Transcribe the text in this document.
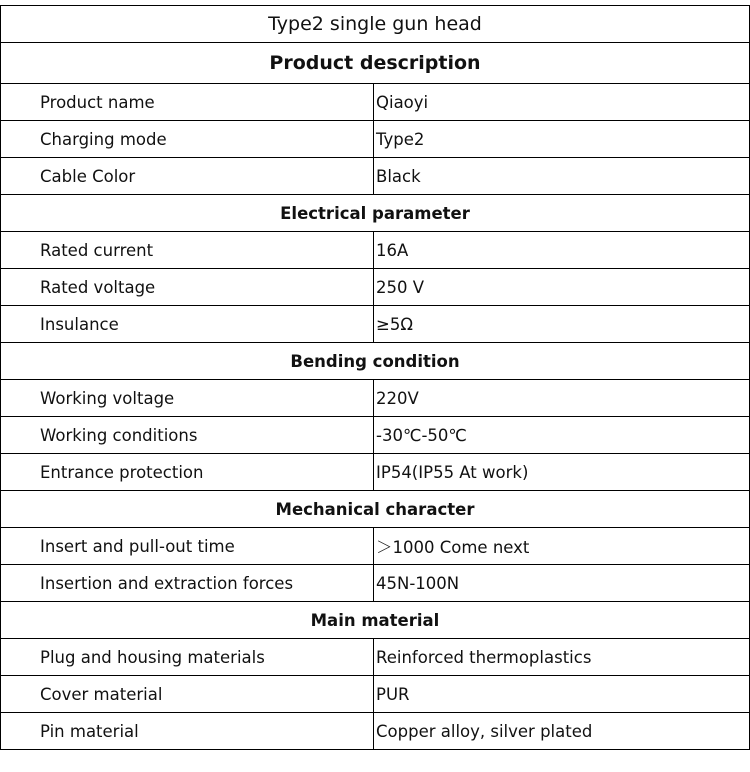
Type2 single gun head	
Product description	
Product name	Qiaoyi
Charging mode	Type2
Cable Color	Black
Electrical parameter	
Rated current	16A
Rated voltage	250 V
Insulance	≥5Ω
Bending condition	
Working voltage	220V
Working conditions	-30℃-50℃
Entrance protection	IP54(IP55 At work)
Mechanical character	
Insert and pull-out time	＞1000 Come next
Insertion and extraction forces	45N-100N
Main material	
Plug and housing materials	Reinforced thermoplastics
Cover material	PUR
Pin material	Copper alloy, silver plated
